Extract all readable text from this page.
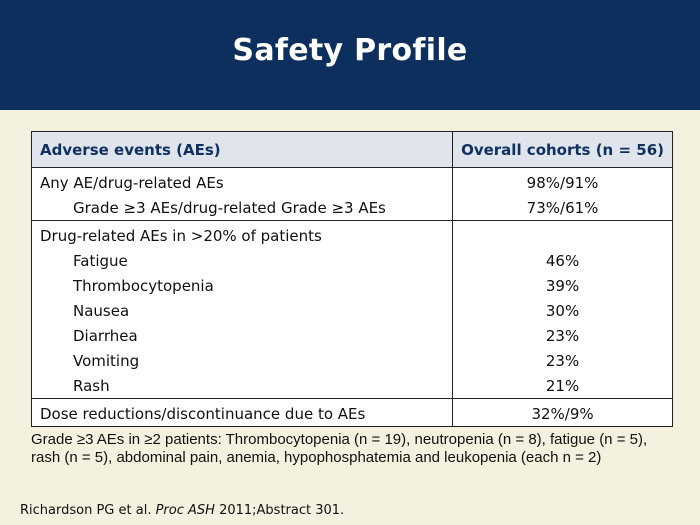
Safety Profile
Adverse events (AEs)	Overall cohorts (n = 56)
Any AE/drug-related AEs	98%/91%
Grade ≥3 AEs/drug-related Grade ≥3 AEs	73%/61%
Drug-related AEs in >20% of patients	
Fatigue	46%
Thrombocytopenia	39%
Nausea	30%
Diarrhea	23%
Vomiting	23%
Rash	21%
Dose reductions/discontinuance due to AEs	32%/9%
Grade ≥3 AEs in ≥2 patients: Thrombocytopenia (n = 19), neutropenia (n = 8), fatigue (n = 5), rash (n = 5), abdominal pain, anemia, hypophosphatemia and leukopenia (each n = 2)
Richardson PG et al. Proc ASH 2011;Abstract 301.
